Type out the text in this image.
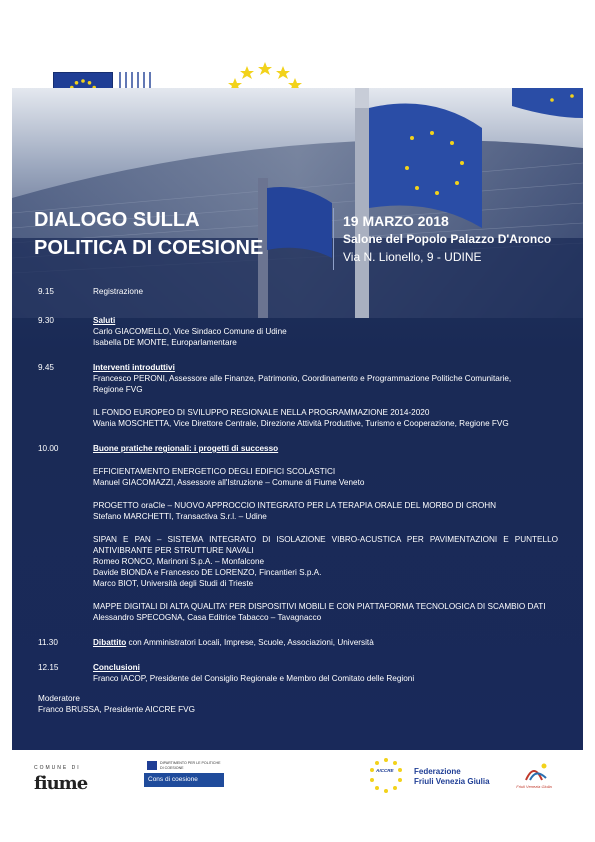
DIALOGO SULLA
POLITICA DI COESIONE
19 MARZO 2018
Salone del Popolo Palazzo D'Aronco
Via N. Lionello, 9 - UDINE
9.15	Registrazione
9.30	Saluti
Carlo GIACOMELLO, Vice Sindaco Comune di Udine
Isabella DE MONTE, Europarlamentare
9.45	Interventi introduttivi
Francesco PERONI, Assessore alle Finanze, Patrimonio, Coordinamento e Programmazione Politiche Comunitarie,
Regione FVG
IL FONDO EUROPEO DI SVILUPPO REGIONALE NELLA PROGRAMMAZIONE 2014-2020
Wania MOSCHETTA, Vice Direttore Centrale, Direzione Attività Produttive, Turismo e Cooperazione, Regione FVG
10.00	Buone pratiche regionali: i progetti di successo
EFFICIENTAMENTO ENERGETICO DEGLI EDIFICI SCOLASTICI
Manuel GIACOMAZZI, Assessore all'Istruzione – Comune di Fiume Veneto
PROGETTO oraCle – NUOVO APPROCCIO INTEGRATO PER LA TERAPIA ORALE DEL MORBO DI CROHN
Stefano MARCHETTI, Transactiva S.r.l. – Udine
SIPAN E PAN – SISTEMA INTEGRATO DI ISOLAZIONE VIBRO-ACUSTICA PER PAVIMENTAZIONI E PUNTELLO
ANTIVIBRANTE PER STRUTTURE NAVALI
Romeo RONCO, Marinoni S.p.A. – Monfalcone
Davide BIONDA e Francesco DE LORENZO, Fincantieri S.p.A.
Marco BIOT, Università degli Studi di Trieste
MAPPE DIGITALI DI ALTA QUALITA' PER DISPOSITIVI MOBILI E CON PIATTAFORMA TECNOLOGICA DI SCAMBIO DATI
Alessandro SPECOGNA, Casa Editrice Tabacco – Tavagnacco
11.30	Dibattito con Amministratori Locali, Imprese, Scuole, Associazioni, Università
12.15	Conclusioni
Franco IACOP, Presidente del Consiglio Regionale e Membro del Comitato delle Regioni
Moderatore
Franco BRUSSA, Presidente AICCRE FVG
COMUNE DI
fiume
DIPARTIMENTO PER LE POLITICHE DI COESIONE
Cons di coesione
AICCRE	Federazione
Friuli Venezia Giulia
Friuli Venezia Giulia
